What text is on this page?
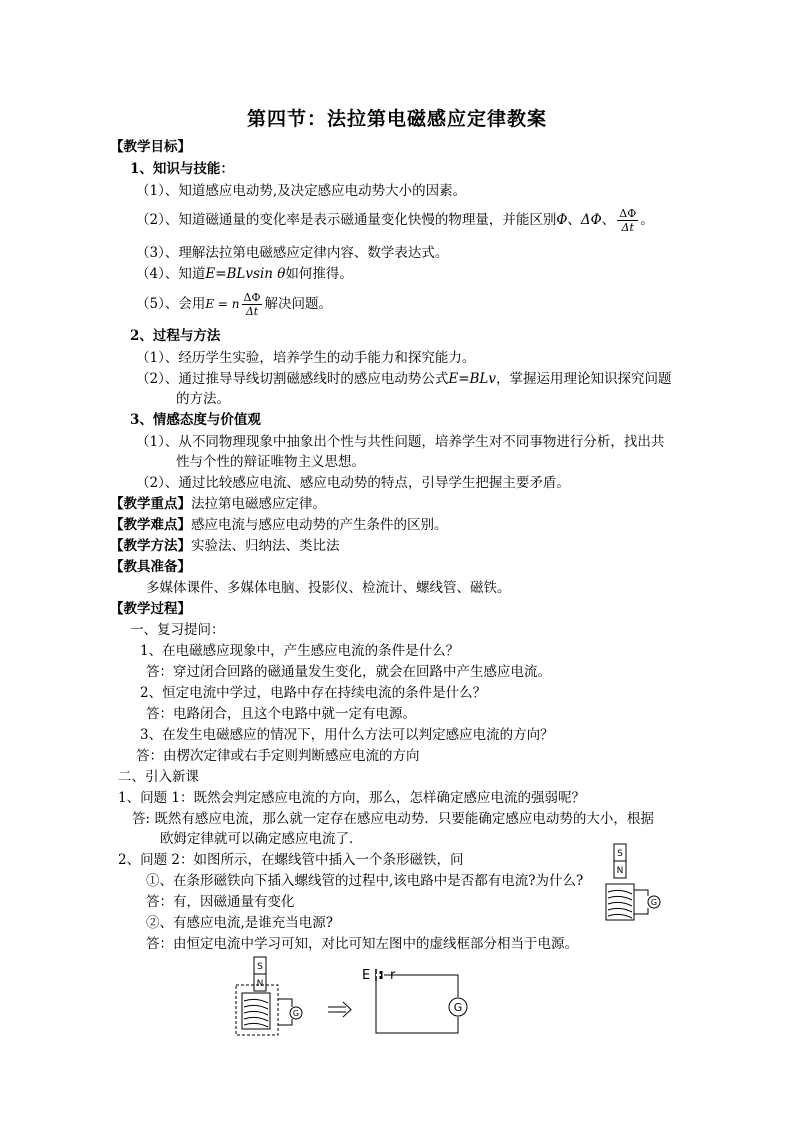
第四节：法拉第电磁感应定律教案
【教学目标】
1、知识与技能：
（1）、知道感应电动势,及决定感应电动势大小的因素。
（2）、知道磁通量的变化率是表示磁通量变化快慢的物理量，并能区别Φ、ΔΦ、 $\frac{\Delta\Phi}{\Delta t}$ 。
（3）、理解法拉第电磁感应定律内容、数学表达式。
（4）、知道E=BLvsin θ如何推得。
（5）、会用E = n $\frac{\Delta\Phi}{\Delta t}$ 解决问题。
2、过程与方法
（1）、经历学生实验，培养学生的动手能力和探究能力。
（2）、通过推导导线切割磁感线时的感应电动势公式E=BLv，掌握运用理论知识探究问题
的方法。
3、情感态度与价值观
（1）、从不同物理现象中抽象出个性与共性问题，培养学生对不同事物进行分析，找出共
性与个性的辩证唯物主义思想。
（2）、通过比较感应电流、感应电动势的特点，引导学生把握主要矛盾。
【教学重点】法拉第电磁感应定律。
【教学难点】感应电流与感应电动势的产生条件的区别。
【教学方法】实验法、归纳法、类比法
【教具准备】
多媒体课件、多媒体电脑、投影仪、检流计、螺线管、磁铁。
【教学过程】
一、复习提问：
1、在电磁感应现象中，产生感应电流的条件是什么？
答：穿过闭合回路的磁通量发生变化，就会在回路中产生感应电流。
2、恒定电流中学过，电路中存在持续电流的条件是什么？
答：电路闭合，且这个电路中就一定有电源。
3、在发生电磁感应的情况下，用什么方法可以判定感应电流的方向？
答：由楞次定律或右手定则判断感应电流的方向
二、引入新课
1、问题 1：既然会判定感应电流的方向，那么，怎样确定感应电流的强弱呢？
答: 既然有感应电流，那么就一定存在感应电动势．只要能确定感应电动势的大小，根据
欧姆定律就可以确定感应电流了．
2、问题 2：如图所示，在螺线管中插入一个条形磁铁，问
①、在条形磁铁向下插入螺线管的过程中,该电路中是否都有电流?为什么?
答：有，因磁通量有变化
②、有感应电流,是谁充当电源?
答：由恒定电流中学习可知，对比可知左图中的虚线框部分相当于电源。
S
N
G
S
N
G
E r
G
